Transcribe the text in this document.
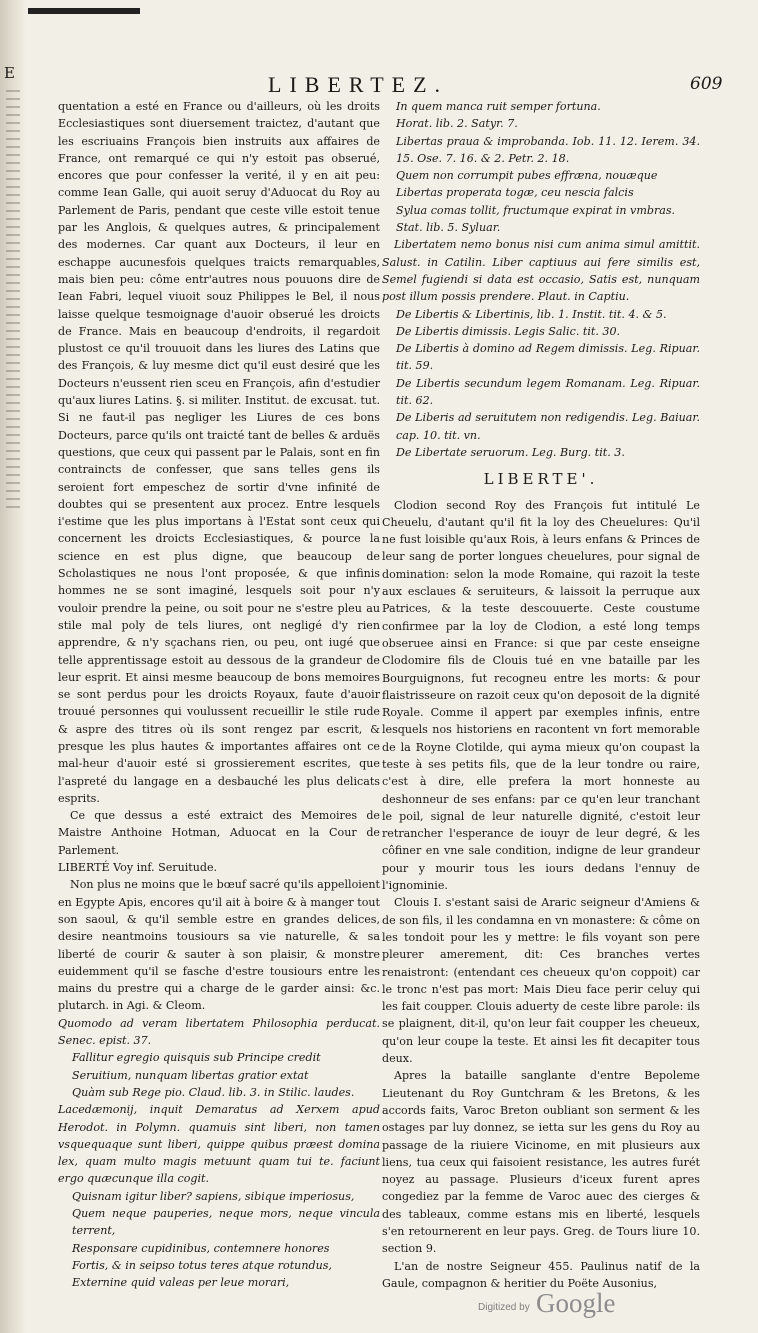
E	LIBERTEZ.	609

quentation a esté en France ou d'ailleurs, où les droits Ecclesiastiques sont diuersement traictez, d'autant que les escriuains François bien instruits aux affaires de France, ont remarqué ce qui n'y estoit pas obserué, encores que pour confesser la verité, il y en ait peu: comme Iean Galle, qui auoit seruy d'Aduocat du Roy au Parlement de Paris, pendant que ceste ville estoit tenue par les Anglois, & quelques autres, & principalement des modernes. Car quant aux Docteurs, il leur en eschappe aucunesfois quelques traicts remarquables, mais bien peu: côme entr'autres nous pouuons dire de Iean Fabri, lequel viuoit souz Philippes le Bel, il nous laisse quelque tesmoignage d'auoir obserué les droicts de France. Mais en beaucoup d'endroits, il regardoit plustost ce qu'il trouuoit dans les liures des Latins que des François, & luy mesme dict qu'il eust desiré que les Docteurs n'eussent rien sceu en François, afin d'estudier qu'aux liures Latins. §. si militer. Institut. de excusat. tut. Si ne faut-il pas negliger les Liures de ces bons Docteurs, parce qu'ils ont traicté tant de belles & arduës questions, que ceux qui passent par le Palais, sont en fin contraincts de confesser, que sans telles gens ils seroient fort empeschez de sortir d'vne infinité de doubtes qui se presentent aux procez. Entre lesquels i'estime que les plus importans à l'Estat sont ceux qui concernent les droicts Ecclesiastiques, & pource la science en est plus digne, que beaucoup de Scholastiques ne nous l'ont proposée, & que infinis hommes ne se sont imaginé, lesquels soit pour n'y vouloir prendre la peine, ou soit pour ne s'estre pleu au stile mal poly de tels liures, ont negligé d'y rien apprendre, & n'y sçachans rien, ou peu, ont iugé que telle apprentissage estoit au dessous de la grandeur de leur esprit. Et ainsi mesme beaucoup de bons memoires se sont perdus pour les droicts Royaux, faute d'auoir trouué personnes qui voulussent recueillir le stile rude & aspre des titres où ils sont rengez par escrit, & presque les plus hautes & importantes affaires ont ce mal-heur d'auoir esté si grossierement escrites, que l'aspreté du langage en a desbauché les plus delicats esprits.

Ce que dessus a esté extraict des Memoires de Maistre Anthoine Hotman, Aduocat en la Cour de Parlement.

LIBERTÉ Voy inf. Seruitude.

Non plus ne moins que le bœuf sacré qu'ils appelloient en Egypte Apis, encores qu'il ait à boire & à manger tout son saoul, & qu'il semble estre en grandes delices, desire neantmoins tousiours sa vie naturelle, & sa liberté de courir & sauter à son plaisir, & monstre euidemment qu'il se fasche d'estre tousiours entre les mains du prestre qui a charge de le garder ainsi: &c. plutarch. in Agi. & Cleom.

Quomodo ad veram libertatem Philosophia perducat. Senec. epist. 37.

Fallitur egregio quisquis sub Principe credit

Seruitium, nunquam libertas gratior extat

Quàm sub Rege pio. Claud. lib. 3. in Stilic. laudes.

Lacedæmonij, inquit Demaratus ad Xerxem apud Herodot. in Polymn. quamuis sint liberi, non tamen vsquequaque sunt liberi, quippe quibus præest domina lex, quam multo magis metuunt quam tui te. faciunt ergo quæcunque illa cogit.

Quisnam igitur liber? sapiens, sibique imperiosus,

Quem neque pauperies, neque mors, neque vincula terrent,

Responsare cupidinibus, contemnere honores

Fortis, & in seipso totus teres atque rotundus,

Externine quid valeas per leue morari,

In quem manca ruit semper fortuna.

Horat. lib. 2. Satyr. 7.

Libertas praua & improbanda. Iob. 11. 12. Ierem. 34. 15. Ose. 7. 16. & 2. Petr. 2. 18.

Quem non corrumpit pubes effræna, nouæque

Libertas properata togæ, ceu nescia falcis

Sylua comas tollit, fructumque expirat in vmbras.

Stat. lib. 5. Syluar.

Libertatem nemo bonus nisi cum anima simul amittit. Salust. in Catilin. Liber captiuus aui fere similis est, Semel fugiendi si data est occasio, Satis est, nunquam post illum possis prendere. Plaut. in Captiu.

De Libertis & Libertinis, lib. 1. Instit. tit. 4. & 5.

De Libertis dimissis. Legis Salic. tit. 30.

De Libertis à domino ad Regem dimissis. Leg. Ripuar. tit. 59.

De Libertis secundum legem Romanam. Leg. Ripuar. tit. 62.

De Liberis ad seruitutem non redigendis. Leg. Baiuar. cap. 10. tit. vn.

De Libertate seruorum. Leg. Burg. tit. 3.

LIBERTE'.

Clodion second Roy des François fut intitulé Le Cheuelu, d'autant qu'il fit la loy des Cheuelures: Qu'il ne fust loisible qu'aux Rois, à leurs enfans & Princes de leur sang de porter longues cheuelures, pour signal de domination: selon la mode Romaine, qui razoit la teste aux esclaues & seruiteurs, & laissoit la perruque aux Patrices, & la teste descouuerte. Ceste coustume confirmee par la loy de Clodion, a esté long temps obseruee ainsi en France: si que par ceste enseigne Clodomire fils de Clouis tué en vne bataille par les Bourguignons, fut recogneu entre les morts: & pour flaistrisseure on razoit ceux qu'on deposoit de la dignité Royale. Comme il appert par exemples infinis, entre lesquels nos historiens en racontent vn fort memorable de la Royne Clotilde, qui ayma mieux qu'on coupast la teste à ses petits fils, que de la leur tondre ou raire, c'est à dire, elle prefera la mort honneste au deshonneur de ses enfans: par ce qu'en leur tranchant le poil, signal de leur naturelle dignité, c'estoit leur retrancher l'esperance de iouyr de leur degré, & les côfiner en vne sale condition, indigne de leur grandeur pour y mourir tous les iours dedans l'ennuy de l'ignominie.

Clouis I. s'estant saisi de Araric seigneur d'Amiens & de son fils, il les condamna en vn monastere: & côme on les tondoit pour les y mettre: le fils voyant son pere pleurer amerement, dit: Ces branches vertes renaistront: (entendant ces cheueux qu'on coppoit) car le tronc n'est pas mort: Mais Dieu face perir celuy qui les fait coupper. Clouis aduerty de ceste libre parole: ils se plaignent, dit-il, qu'on leur fait coupper les cheueux, qu'on leur coupe la teste. Et ainsi les fit decapiter tous deux.

Apres la bataille sanglante d'entre Bepoleme Lieutenant du Roy Guntchram & les Bretons, & les accords faits, Varoc Breton oubliant son serment & les ostages par luy donnez, se ietta sur les gens du Roy au passage de la riuiere Vicinome, en mit plusieurs aux liens, tua ceux qui faisoient resistance, les autres furét noyez au passage. Plusieurs d'iceux furent apres congediez par la femme de Varoc auec des cierges & des tableaux, comme estans mis en liberté, lesquels s'en retournerent en leur pays. Greg. de Tours liure 10. section 9.

L'an de nostre Seigneur 455. Paulinus natif de la Gaule, compagnon & heritier du Poëte Ausonius,

Digitized by Google
